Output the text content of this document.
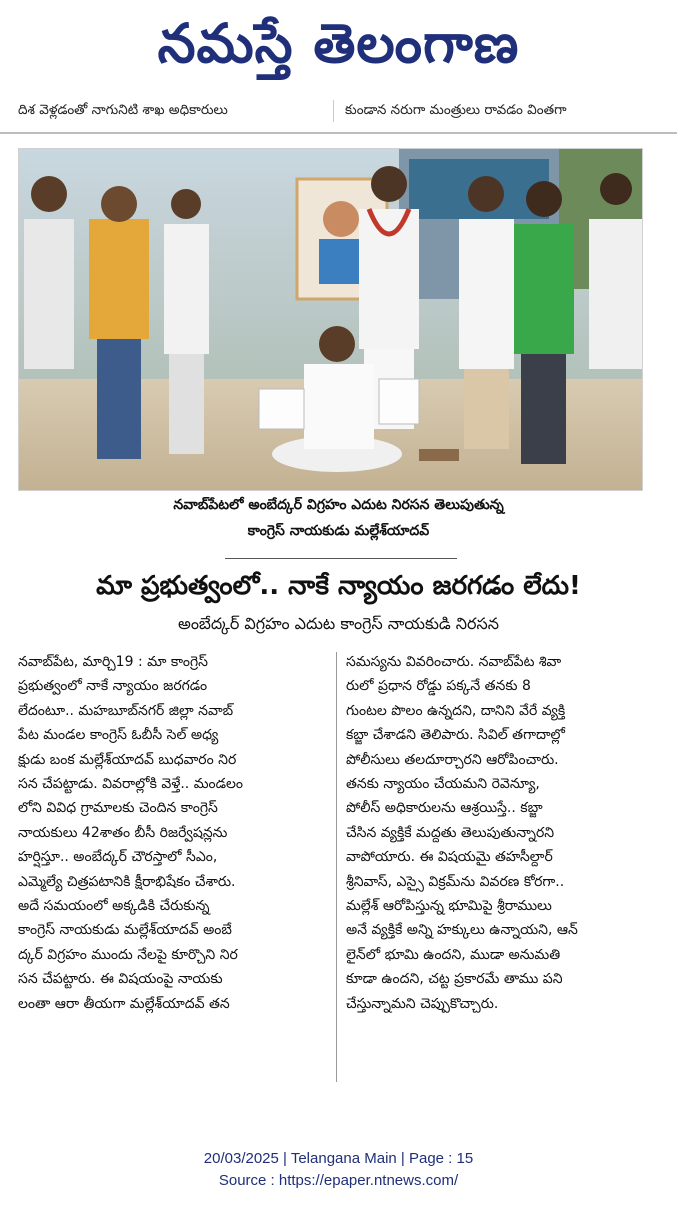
నమస్తే తెలంగాణ
దిశ వెళ్లడంతో నాగునిటి శాఖ అధికారులు	కుండాన నరుగా మంత్రులు రావడం వింతగా
నవాబ్‌పేటలో అంబేద్కర్ విగ్రహం ఎదుట నిరసన తెలుపుతున్న
కాంగ్రెస్ నాయకుడు మల్లేశ్‌యాదవ్
మా ప్రభుత్వంలో.. నాకే న్యాయం జరగడం లేదు!
అంబేద్కర్ విగ్రహం ఎదుట కాంగ్రెస్ నాయకుడి నిరసన
నవాబ్‌పేట, మార్చి19 : మా కాంగ్రెస్
ప్రభుత్వంలో నాకే న్యాయం జరగడం
లేదంటూ.. మహబూబ్‌నగర్ జిల్లా నవాబ్
పేట మండల కాంగ్రెస్ ఓబీసీ సెల్ అధ్య
క్షుడు బంక మల్లేశ్‌యాదవ్ బుధవారం నిర
సన చేపట్టాడు. వివరాల్లోకి వెళ్తే.. మండలం
లోని వివిధ గ్రామాలకు చెందిన కాంగ్రెస్
నాయకులు 42శాతం బీసీ రిజర్వేషన్లను
హర్షిస్తూ.. అంబేద్కర్ చౌరస్తాలో సీఎం,
ఎమ్మెల్యే చిత్రపటానికి క్షీరాభిషేకం చేశారు.
అదే సమయంలో అక్కడికి చేరుకున్న
కాంగ్రెస్ నాయకుడు మల్లేశ్‌యాదవ్ అంబే
ద్కర్ విగ్రహం ముందు నేలపై కూర్చొని నిర
సన చేపట్టారు. ఈ విషయంపై నాయకు
లంతా ఆరా తీయగా మల్లేశ్‌యాదవ్ తన
సమస్యను వివరించారు. నవాబ్‌పేట శివా
రులో ప్రధాన రోడ్డు పక్కనే తనకు 8
గుంటల పొలం ఉన్నదని, దానిని వేరే వ్యక్తి
కబ్జా చేశాడని తెలిపారు. సివిల్ తగాదాల్లో
పోలీసులు తలదూర్చారని ఆరోపించారు.
తనకు న్యాయం చేయమని రెవెన్యూ,
పోలీస్ అధికారులను ఆశ్రయిస్తే.. కబ్జా
చేసిన వ్యక్తికే మద్దతు తెలుపుతున్నారని
వాపోయారు. ఈ విషయమై తహసీల్దార్
శ్రీనివాస్, ఎస్సై విక్రమ్‌ను వివరణ కోరగా..
మల్లేశ్ ఆరోపిస్తున్న భూమిపై శ్రీరాములు
అనే వ్యక్తికే అన్ని హక్కులు ఉన్నాయని, ఆన్
లైన్‌లో భూమి ఉందని, ముడా అనుమతి
కూడా ఉందని, చట్ట ప్రకారమే తాము పని
చేస్తున్నామని చెప్పుకొచ్చారు.
20/03/2025 | Telangana Main | Page : 15
Source : https://epaper.ntnews.com/
